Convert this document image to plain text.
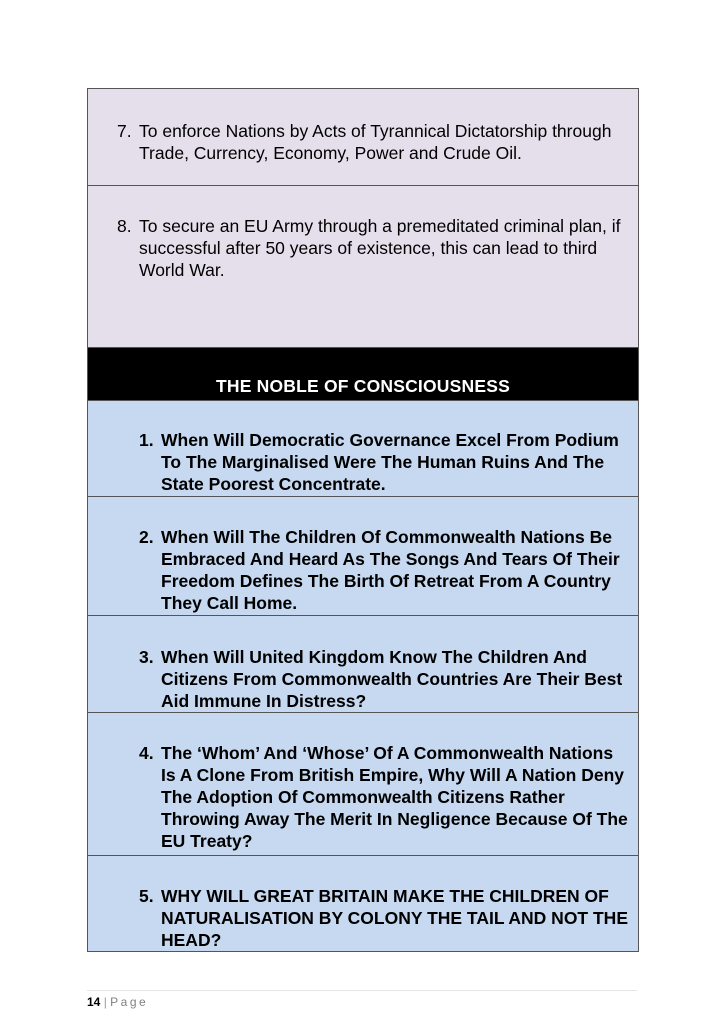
7. To enforce Nations by Acts of Tyrannical Dictatorship through Trade, Currency, Economy, Power and Crude Oil.
8. To secure an EU Army through a premeditated criminal plan, if successful after 50 years of existence, this can lead to third World War.
THE NOBLE OF CONSCIOUSNESS
1. When Will Democratic Governance Excel From Podium To The Marginalised Were The Human Ruins And The State Poorest Concentrate.
2. When Will The Children Of Commonwealth Nations Be Embraced And Heard As The Songs And Tears Of Their Freedom Defines The Birth Of Retreat From A Country They Call Home.
3. When Will United Kingdom Know The Children And Citizens From Commonwealth Countries Are Their Best Aid Immune In Distress?
4. The ‘Whom’ And ‘Whose’ Of A Commonwealth Nations Is A Clone From British Empire, Why Will A Nation Deny The Adoption Of Commonwealth Citizens Rather Throwing Away The Merit In Negligence Because Of The EU Treaty?
5. WHY WILL GREAT BRITAIN MAKE THE CHILDREN OF NATURALISATION BY COLONY THE TAIL AND NOT THE HEAD?
14 | Page
